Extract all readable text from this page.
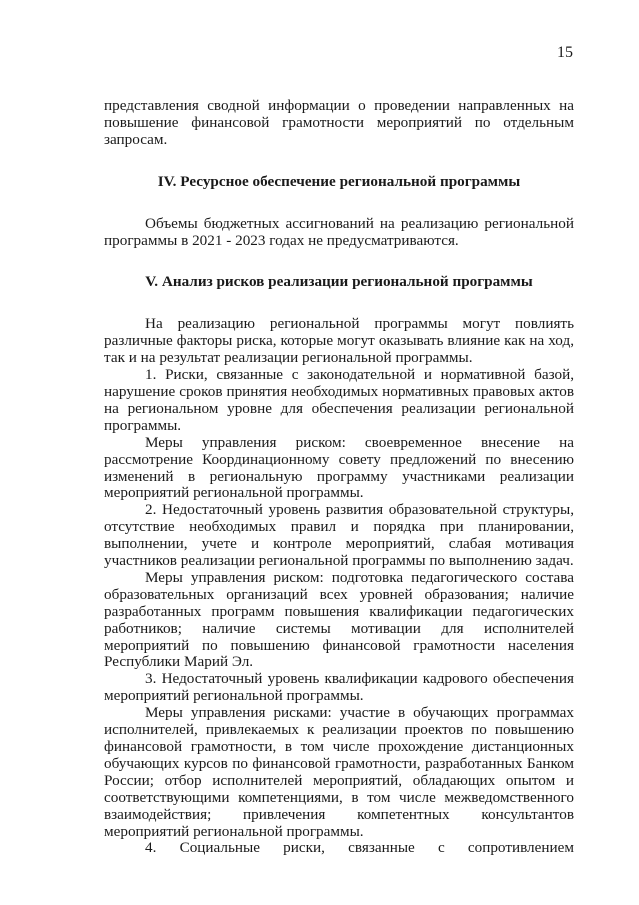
15

представления сводной информации о проведении направленных на повышение финансовой грамотности мероприятий по отдельным запросам.

IV. Ресурсное обеспечение региональной программы

Объемы бюджетных ассигнований на реализацию региональной программы в 2021 - 2023 годах не предусматриваются.

V. Анализ рисков реализации региональной программы

На реализацию региональной программы могут повлиять различные факторы риска, которые могут оказывать влияние как на ход, так и на результат реализации региональной программы.

1. Риски, связанные с законодательной и нормативной базой, нарушение сроков принятия необходимых нормативных правовых актов на региональном уровне для обеспечения реализации региональной программы.

Меры управления риском: своевременное внесение на рассмотрение Координационному совету предложений по внесению изменений в региональную программу участниками реализации мероприятий региональной программы.

2. Недостаточный уровень развития образовательной структуры, отсутствие необходимых правил и порядка при планировании, выполнении, учете и контроле мероприятий, слабая мотивация участников реализации региональной программы по выполнению задач.

Меры управления риском: подготовка педагогического состава образовательных организаций всех уровней образования; наличие разработанных программ повышения квалификации педагогических работников; наличие системы мотивации для исполнителей мероприятий по повышению финансовой грамотности населения Республики Марий Эл.

3. Недостаточный уровень квалификации кадрового обеспечения мероприятий региональной программы.

Меры управления рисками: участие в обучающих программах исполнителей, привлекаемых к реализации проектов по повышению финансовой грамотности, в том числе прохождение дистанционных обучающих курсов по финансовой грамотности, разработанных Банком России; отбор исполнителей мероприятий, обладающих опытом и соответствующими компетенциями, в том числе межведомственного взаимодействия; привлечения компетентных консультантов мероприятий региональной программы.

4. Социальные риски, связанные с сопротивлением
